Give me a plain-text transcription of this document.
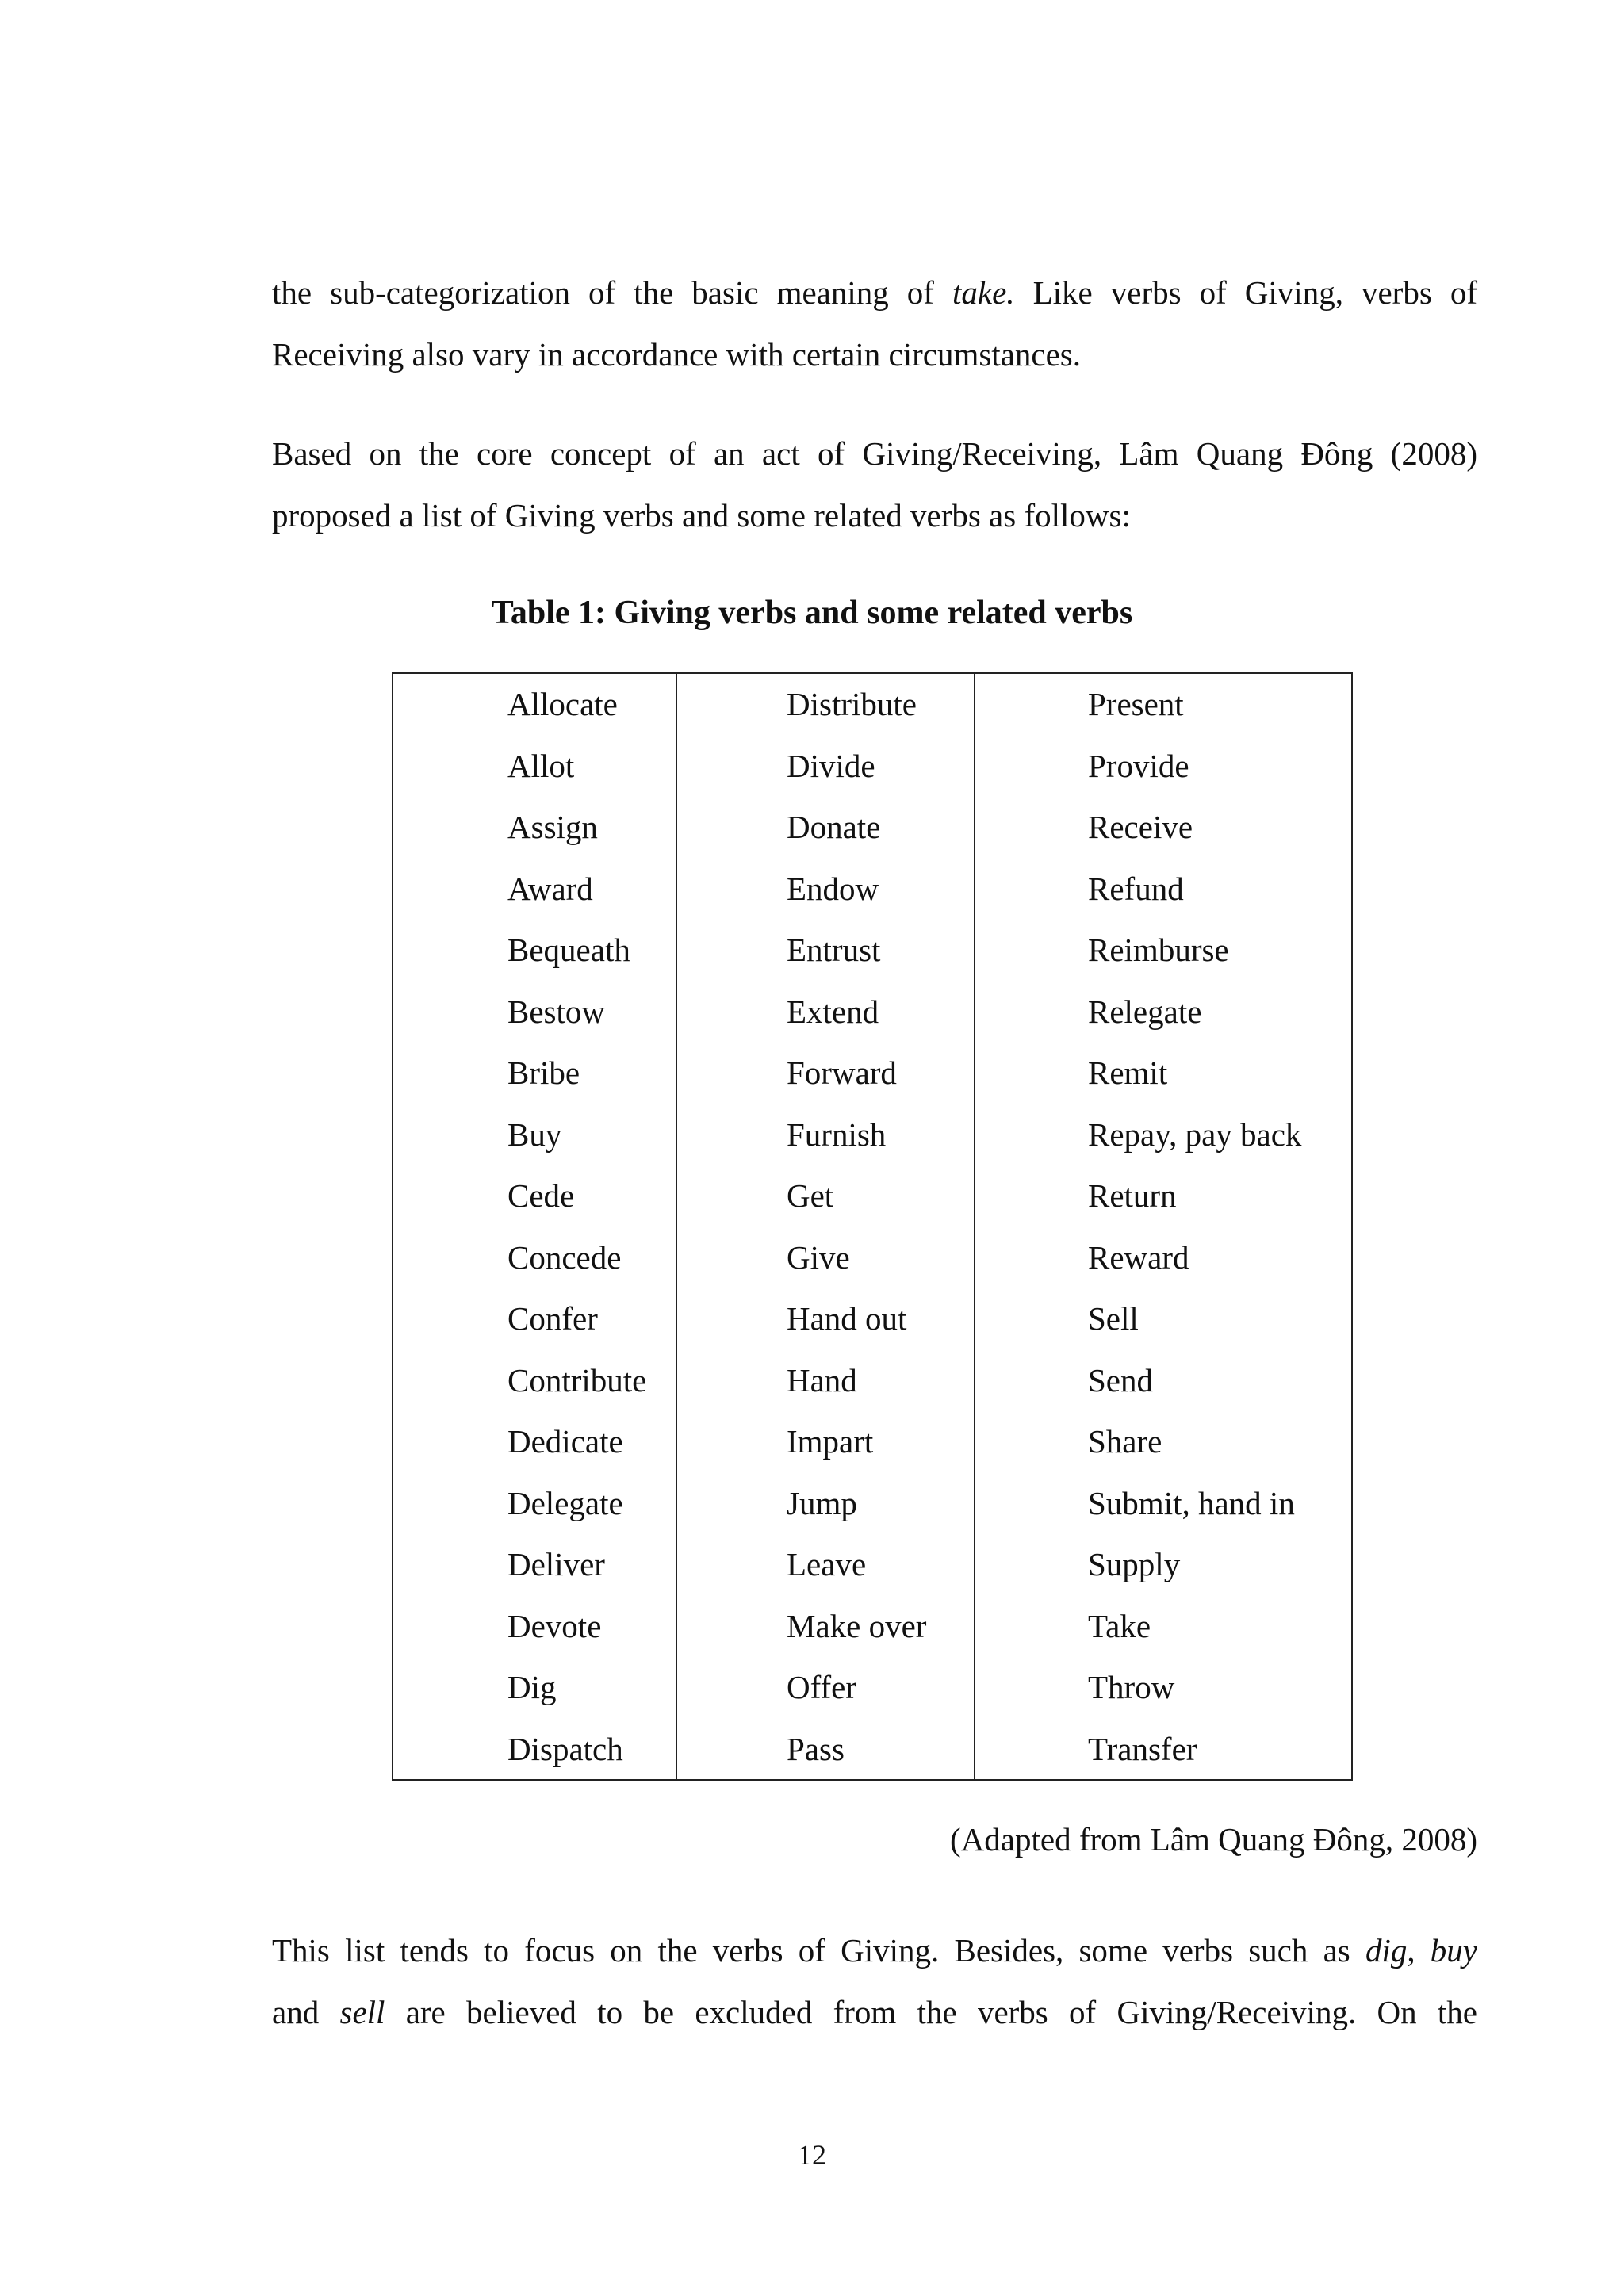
the sub-categorization of the basic meaning of take. Like verbs of Giving, verbs of
Receiving also vary in accordance with certain circumstances.

Based on the core concept of an act of Giving/Receiving, Lâm Quang Đông (2008)
proposed a list of Giving verbs and some related verbs as follows:

Table 1: Giving verbs and some related verbs

Allocate
Allot
Assign
Award
Bequeath
Bestow
Bribe
Buy
Cede
Concede
Confer
Contribute
Dedicate
Delegate
Deliver
Devote
Dig
Dispatch
Distribute
Divide
Donate
Endow
Entrust
Extend
Forward
Furnish
Get
Give
Hand out
Hand
Impart
Jump
Leave
Make over
Offer
Pass
Present
Provide
Receive
Refund
Reimburse
Relegate
Remit
Repay, pay back
Return
Reward
Sell
Send
Share
Submit, hand in
Supply
Take
Throw
Transfer

(Adapted from Lâm Quang Đông, 2008)

This list tends to focus on the verbs of Giving. Besides, some verbs such as dig, buy
and sell are believed to be excluded from the verbs of Giving/Receiving. On the

12
